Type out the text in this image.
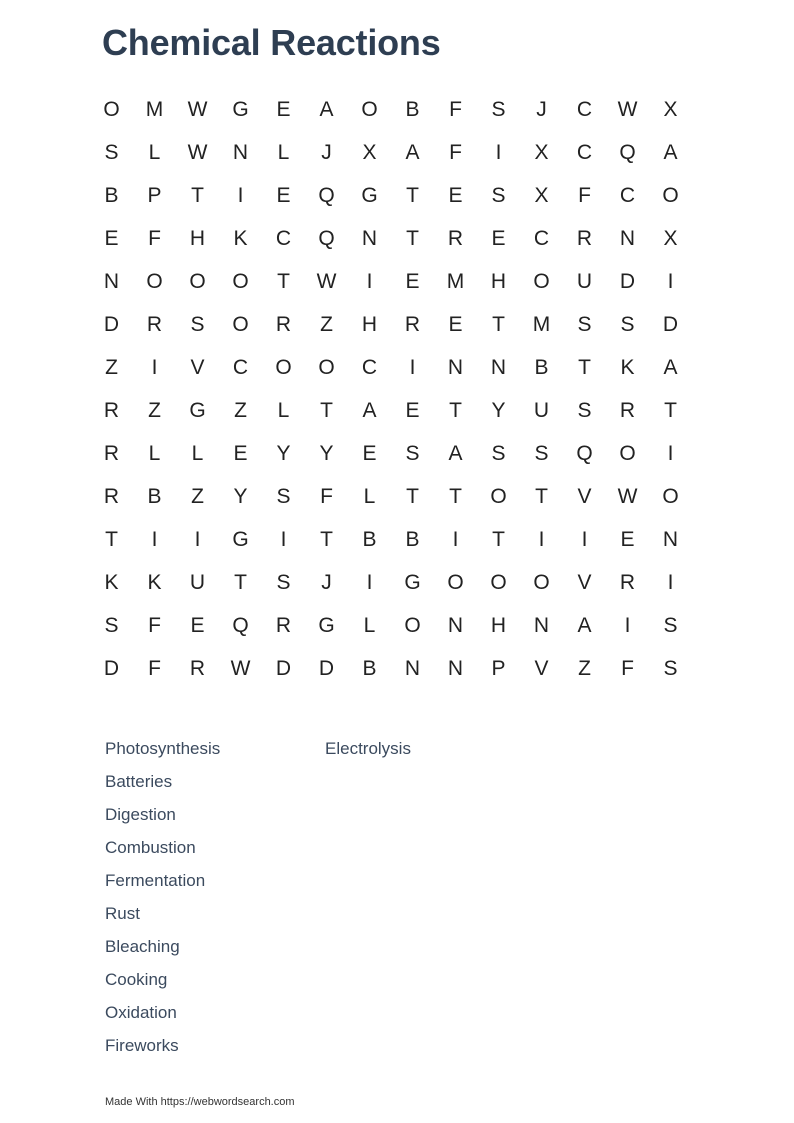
Chemical Reactions
O	M	W	G	E	A	O	B	F	S	J	C	W	X
S	L	W	N	L	J	X	A	F	I	X	C	Q	A
B	P	T	I	E	Q	G	T	E	S	X	F	C	O
E	F	H	K	C	Q	N	T	R	E	C	R	N	X
N	O	O	O	T	W	I	E	M	H	O	U	D	I
D	R	S	O	R	Z	H	R	E	T	M	S	S	D
Z	I	V	C	O	O	C	I	N	N	B	T	K	A
R	Z	G	Z	L	T	A	E	T	Y	U	S	R	T
R	L	L	E	Y	Y	E	S	A	S	S	Q	O	I
R	B	Z	Y	S	F	L	T	T	O	T	V	W	O
T	I	I	G	I	T	B	B	I	T	I	I	E	N
K	K	U	T	S	J	I	G	O	O	O	V	R	I
S	F	E	Q	R	G	L	O	N	H	N	A	I	S
D	F	R	W	D	D	B	N	N	P	V	Z	F	S
Photosynthesis
Batteries
Digestion
Combustion
Fermentation
Rust
Bleaching
Cooking
Oxidation
Fireworks
Electrolysis
Made With https://webwordsearch.com
